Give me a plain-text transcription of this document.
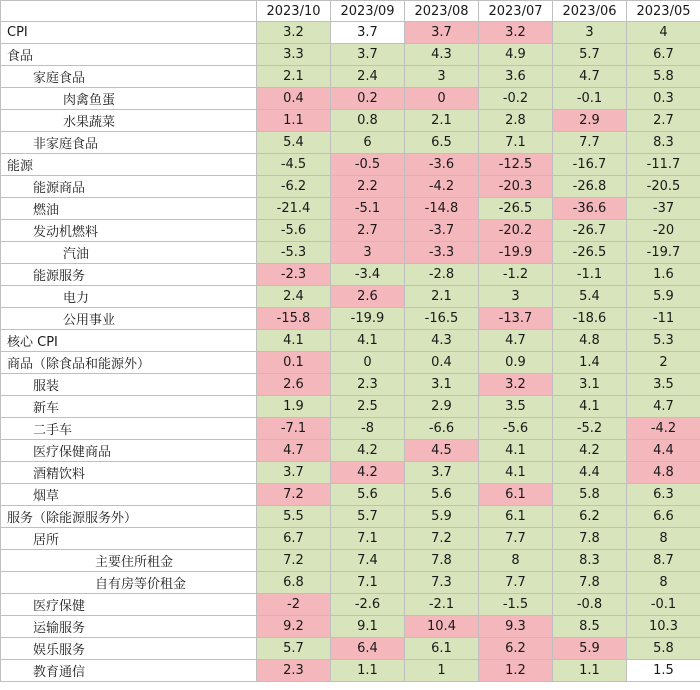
	2023/10	2023/09	2023/08	2023/07	2023/06	2023/05
CPI	3.2	3.7	3.7	3.2	3	4
食品	3.3	3.7	4.3	4.9	5.7	6.7
家庭食品	2.1	2.4	3	3.6	4.7	5.8
肉禽鱼蛋	0.4	0.2	0	-0.2	-0.1	0.3
水果蔬菜	1.1	0.8	2.1	2.8	2.9	2.7
非家庭食品	5.4	6	6.5	7.1	7.7	8.3
能源	-4.5	-0.5	-3.6	-12.5	-16.7	-11.7
能源商品	-6.2	2.2	-4.2	-20.3	-26.8	-20.5
燃油	-21.4	-5.1	-14.8	-26.5	-36.6	-37
发动机燃料	-5.6	2.7	-3.7	-20.2	-26.7	-20
汽油	-5.3	3	-3.3	-19.9	-26.5	-19.7
能源服务	-2.3	-3.4	-2.8	-1.2	-1.1	1.6
电力	2.4	2.6	2.1	3	5.4	5.9
公用事业	-15.8	-19.9	-16.5	-13.7	-18.6	-11
核心 CPI	4.1	4.1	4.3	4.7	4.8	5.3
商品（除食品和能源外）	0.1	0	0.4	0.9	1.4	2
服装	2.6	2.3	3.1	3.2	3.1	3.5
新车	1.9	2.5	2.9	3.5	4.1	4.7
二手车	-7.1	-8	-6.6	-5.6	-5.2	-4.2
医疗保健商品	4.7	4.2	4.5	4.1	4.2	4.4
酒精饮料	3.7	4.2	3.7	4.1	4.4	4.8
烟草	7.2	5.6	5.6	6.1	5.8	6.3
服务（除能源服务外）	5.5	5.7	5.9	6.1	6.2	6.6
居所	6.7	7.1	7.2	7.7	7.8	8
主要住所租金	7.2	7.4	7.8	8	8.3	8.7
自有房等价租金	6.8	7.1	7.3	7.7	7.8	8
医疗保健	-2	-2.6	-2.1	-1.5	-0.8	-0.1
运输服务	9.2	9.1	10.4	9.3	8.5	10.3
娱乐服务	5.7	6.4	6.1	6.2	5.9	5.8
教育通信	2.3	1.1	1	1.2	1.1	1.5
